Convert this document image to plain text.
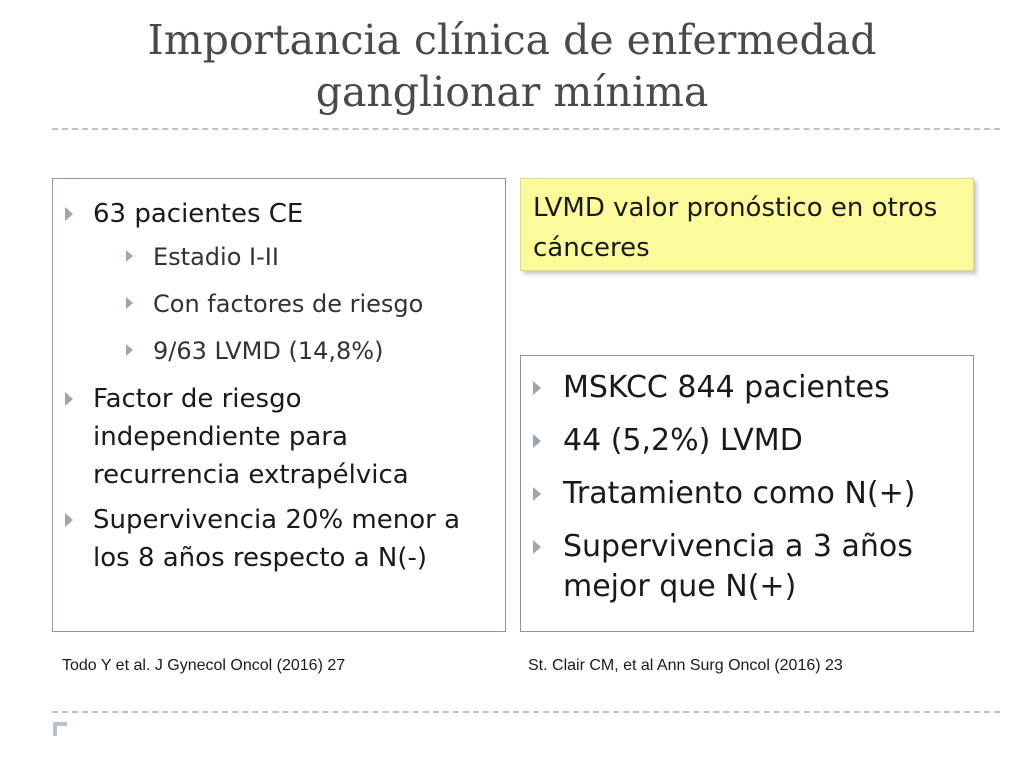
Importancia clínica de enfermedad
ganglionar mínima
63 pacientes CE
Estadio I-II
Con factores de riesgo
9/63 LVMD (14,8%)
Factor de riesgo independiente para recurrencia extrapélvica
Supervivencia 20% menor a los 8 años respecto a N(-)
LVMD valor pronóstico en otros cánceres
MSKCC 844 pacientes
44 (5,2%) LVMD
Tratamiento como N(+)
Supervivencia a 3 años mejor que N(+)
Todo Y et al. J Gynecol Oncol (2016) 27	St. Clair CM, et al Ann Surg Oncol (2016) 23
